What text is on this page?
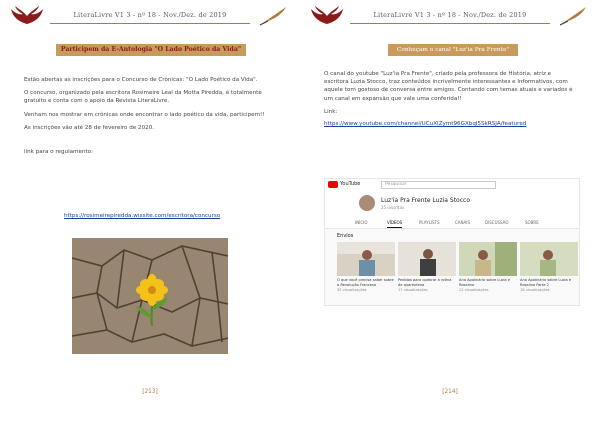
LiteraLivre V1 3 - nº 18 - Nov./Dez. de 2019
Participem da E-Antologia "O Lado Poético da Vida"

Estão abertas as inscrições para o Concurso de Crônicas: "O Lado Poético da Vida".

O concurso, organizado pela escritora Rosimeire Leal da Motta Piredda, é totalmente gratuito e conta com o apoio da Revista LiteraLivre.

Venham nos mostrar em crônicas onde encontrar o lado poético da vida, participem!!

As inscrições vão até 28 de fevereiro de 2020.

link para o regulamento:

https://rosimeirepiredda.wixsite.com/escritora/concurso
[213]
LiteraLivre V1 3 - nº 18 - Nov./Dez. de 2019
Conheçam o canal "Luz'ia Pra Frente"

O canal do youtube "Luz'ia Pra Frente", criado pela professora de História, atriz e escritora Luzia Stocco, traz conteúdos incrivelmente interessantes e informativos, com aquele tom gostoso de conversa entre amigos. Contando com temas atuais e variados é um canal em expansão que vale uma conferida!!

Link:

https://www.youtube.com/channel/UCuXIZymt96GXbqI5SkRSJA/featured
YouTube	Pesquisar
Luz'ia Pra Frente Luzia Stocco
25 inscritos
INÍCIO	VÍDEOS	PLAYLISTS	CANAIS	DISCUSSÃO	SOBRE
Envios
O que você precisa saber sobre a Revolução Francesa
35 visualizações
Pedidos para quebrar a rotina da quarentena
17 visualizações
Ana Apolinário sobre Luzia e Rosalina
22 visualizações
Ana Apolinário sobre Luzia e Rosalina Parte 2
18 visualizações
[214]
